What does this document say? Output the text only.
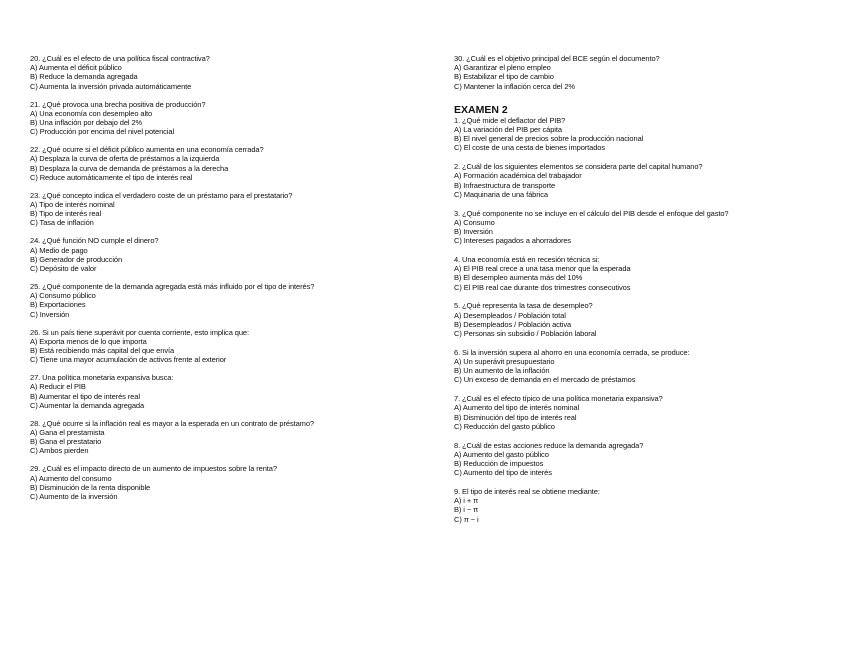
20. ¿Cuál es el efecto de una política fiscal contractiva?
A) Aumenta el déficit público
B) Reduce la demanda agregada
C) Aumenta la inversión privada automáticamente
21. ¿Qué provoca una brecha positiva de producción?
A) Una economía con desempleo alto
B) Una inflación por debajo del 2%
C) Producción por encima del nivel potencial
22. ¿Qué ocurre si el déficit público aumenta en una economía cerrada?
A) Desplaza la curva de oferta de préstamos a la izquierda
B) Desplaza la curva de demanda de préstamos a la derecha
C) Reduce automáticamente el tipo de interés real
23. ¿Qué concepto indica el verdadero coste de un préstamo para el prestatario?
A) Tipo de interés nominal
B) Tipo de interés real
C) Tasa de inflación
24. ¿Qué función NO cumple el dinero?
A) Medio de pago
B) Generador de producción
C) Depósito de valor
25. ¿Qué componente de la demanda agregada está más influido por el tipo de interés?
A) Consumo público
B) Exportaciones
C) Inversión
26. Si un país tiene superávit por cuenta corriente, esto implica que:
A) Exporta menos de lo que importa
B) Está recibiendo más capital del que envía
C) Tiene una mayor acumulación de activos frente al exterior
27. Una política monetaria expansiva busca:
A) Reducir el PIB
B) Aumentar el tipo de interés real
C) Aumentar la demanda agregada
28. ¿Qué ocurre si la inflación real es mayor a la esperada en un contrato de préstamo?
A) Gana el prestamista
B) Gana el prestatario
C) Ambos pierden
29. ¿Cuál es el impacto directo de un aumento de impuestos sobre la renta?
A) Aumento del consumo
B) Disminución de la renta disponible
C) Aumento de la inversión
30. ¿Cuál es el objetivo principal del BCE según el documento?
A) Garantizar el pleno empleo
B) Estabilizar el tipo de cambio
C) Mantener la inflación cerca del 2%
EXAMEN 2
1. ¿Qué mide el deflactor del PIB?
A) La variación del PIB per cápita
B) El nivel general de precios sobre la producción nacional
C) El coste de una cesta de bienes importados
2. ¿Cuál de los siguientes elementos se considera parte del capital humano?
A) Formación académica del trabajador
B) Infraestructura de transporte
C) Maquinaria de una fábrica
3. ¿Qué componente no se incluye en el cálculo del PIB desde el enfoque del gasto?
A) Consumo
B) Inversión
C) Intereses pagados a ahorradores
4. Una economía está en recesión técnica si:
A) El PIB real crece a una tasa menor que la esperada
B) El desempleo aumenta más del 10%
C) El PIB real cae durante dos trimestres consecutivos
5. ¿Qué representa la tasa de desempleo?
A) Desempleados / Población total
B) Desempleados / Población activa
C) Personas sin subsidio / Población laboral
6. Si la inversión supera al ahorro en una economía cerrada, se produce:
A) Un superávit presupuestario
B) Un aumento de la inflación
C) Un exceso de demanda en el mercado de préstamos
7. ¿Cuál es el efecto típico de una política monetaria expansiva?
A) Aumento del tipo de interés nominal
B) Disminución del tipo de interés real
C) Reducción del gasto público
8. ¿Cuál de estas acciones reduce la demanda agregada?
A) Aumento del gasto público
B) Reducción de impuestos
C) Aumento del tipo de interés
9. El tipo de interés real se obtiene mediante:
A) i + π
B) i − π
C) π − i
